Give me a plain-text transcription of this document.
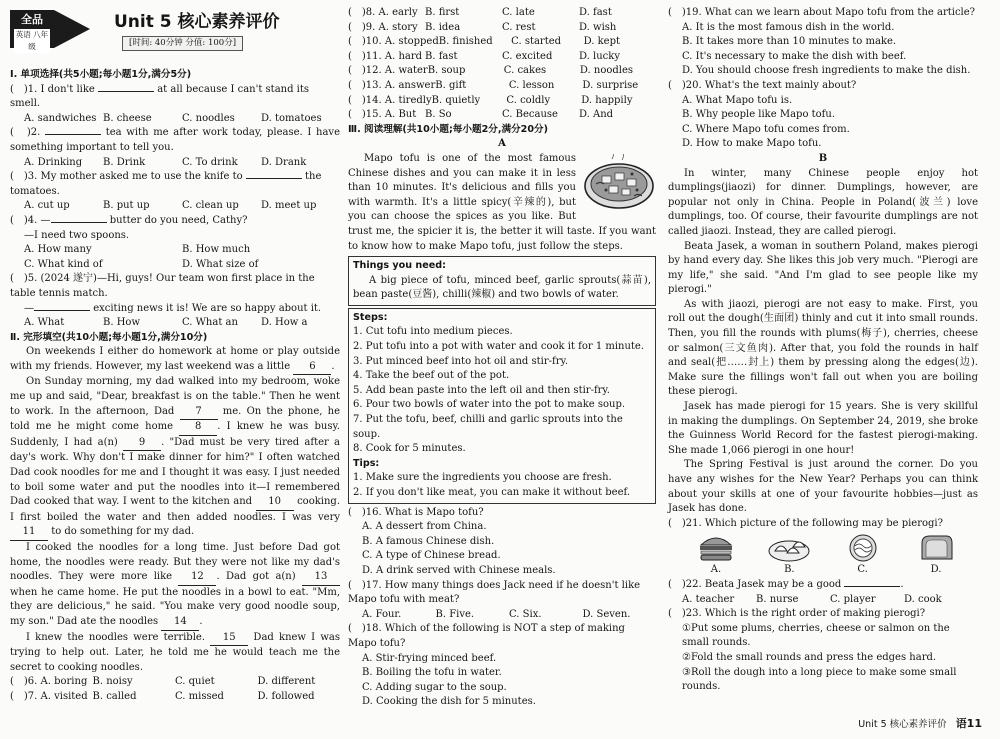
全品
英语 八年级
Unit 5 核心素养评价
[时间: 40分钟 分值: 100分]
Ⅰ. 单项选择(共5小题;每小题1分,满分5分)
(　)1. I don't like	at all because I can't stand its smell.
A. sandwiches B. cheese	C. noodles	D. tomatoes
(　)2.	tea with me after work today, please. I have something important to tell you.
A. Drinking	B. Drink	C. To drink	D. Drank
(　)3. My mother asked me to use the knife to	the tomatoes.
A. cut up	B. put up	C. clean up	D. meet up
(　)4. —	butter do you need, Cathy?
—I need two spoons.
A. How many	B. How much
C. What kind of	D. What size of
(　)5. (2024 遂宁)—Hi, guys! Our team won first place in the table tennis match.
—	exciting news it is! We are so happy about it.
A. What	B. How	C. What an	D. How a
Ⅱ. 完形填空(共10小题;每小题1分,满分10分)
On weekends I either do homework at home or play outside with my friends. However, my last weekend was a little 6 .
On Sunday morning, my dad walked into my bedroom, woke me up and said, "Dear, breakfast is on the table." Then he went to work. In the afternoon, Dad 7 me. On the phone, he told me he might come home 8 . I knew he was busy. Suddenly, I had a(n) 9 . "Dad must be very tired after a day's work. Why don't I make dinner for him?" I often watched Dad cook noodles for me and I thought it was easy. I just needed to boil some water and put the noodles into it—I remembered Dad cooked that way. I went to the kitchen and 10 cooking. I first boiled the water and then added noodles. I was very 11 to do something for my dad.
I cooked the noodles for a long time. Just before Dad got home, the noodles were ready. But they were not like my dad's noodles. They were more like 12 . Dad got a(n) 13 when he came home. He put the noodles in a bowl to eat. "Mm, they are delicious," he said. "You make very good noodle soup, my son." Dad ate the noodles 14 .
I knew the noodles were terrible. 15 Dad knew I was trying to help out. Later, he told me he would teach me the secret to cooking noodles.
(　)6. A. boring B. noisy	C. quiet	D. different
(　)7. A. visited B. called	C. missed	D. followed
(　)8. A. early B. first	C. late	D. fast
(　)9. A. story B. idea	C. rest	D. wish
(　)10. A. stopped B. finished	C. started	D. kept
(　)11. A. hard B. fast	C. excited	D. lucky
(　)12. A. water B. soup	C. cakes	D. noodles
(　)13. A. answer B. gift	C. lesson	D. surprise
(　)14. A. tiredly B. quietly	C. coldly	D. happily
(　)15. A. But B. So	C. Because	D. And
Ⅲ. 阅读理解(共10小题;每小题2分,满分20分)
A
Mapo tofu is one of the most famous Chinese dishes and you can make it in less than 10 minutes. It's delicious and fills you with warmth. It's a little spicy(辛辣的), but you can choose the spices as you like. But trust me, the spicier it is, the better it will taste. If you want to know how to make Mapo tofu, just follow the steps.
Things you need:
A big piece of tofu, minced beef, garlic sprouts(蒜苗), bean paste(豆酱), chilli(辣椒) and two bowls of water.
Steps:
1. Cut tofu into medium pieces.
2. Put tofu into a pot with water and cook it for 1 minute.
3. Put minced beef into hot oil and stir-fry.
4. Take the beef out of the pot.
5. Add bean paste into the left oil and then stir-fry.
6. Pour two bowls of water into the pot to make soup.
7. Put the tofu, beef, chilli and garlic sprouts into the soup.
8. Cook for 5 minutes.
Tips:
1. Make sure the ingredients you choose are fresh.
2. If you don't like meat, you can make it without beef.
(　)16. What is Mapo tofu?
A. A dessert from China.
B. A famous Chinese dish.
C. A type of Chinese bread.
D. A drink served with Chinese meals.
(　)17. How many things does Jack need if he doesn't like Mapo tofu with meat?
A. Four.	B. Five.	C. Six.	D. Seven.
(　)18. Which of the following is NOT a step of making Mapo tofu?
A. Stir-frying minced beef.
B. Boiling the tofu in water.
C. Adding sugar to the soup.
D. Cooking the dish for 5 minutes.
(　)19. What can we learn about Mapo tofu from the article?
A. It is the most famous dish in the world.
B. It takes more than 10 minutes to make.
C. It's necessary to make the dish with beef.
D. You should choose fresh ingredients to make the dish.
(　)20. What's the text mainly about?
A. What Mapo tofu is.
B. Why people like Mapo tofu.
C. Where Mapo tofu comes from.
D. How to make Mapo tofu.
B
In winter, many Chinese people enjoy hot dumplings(jiaozi) for dinner. Dumplings, however, are popular not only in China. People in Poland(波兰) love dumplings, too. Of course, their favourite dumplings are not called jiaozi. Instead, they are called pierogi.
Beata Jasek, a woman in southern Poland, makes pierogi by hand every day. She likes this job very much. "Pierogi are my life," she said. "And I'm glad to see people like my pierogi."
As with jiaozi, pierogi are not easy to make. First, you roll out the dough(生面团) thinly and cut it into small rounds. Then, you fill the rounds with plums(梅子), cherries, cheese or salmon(三文鱼肉). After that, you fold the rounds in half and seal(把……封上) them by pressing along the edges(边). Make sure the fillings won't fall out when you are boiling these pierogi.
Jasek has made pierogi for 15 years. She is very skillful in making the dumplings. On September 24, 2019, she broke the Guinness World Record for the fastest pierogi-making. She made 1,066 pierogi in one hour!
The Spring Festival is just around the corner. Do you have any wishes for the New Year? Perhaps you can think about your skills at one of your favourite hobbies—just as Jasek has done.
(　)21. Which picture of the following may be pierogi?
A.	B.	C.	D.
(　)22. Beata Jasek may be a good	.
A. teacher	B. nurse	C. player	D. cook
(　)23. Which is the right order of making pierogi?
①Put some plums, cherries, cheese or salmon on the small rounds.
②Fold the small rounds and press the edges hard.
③Roll the dough into a long piece to make some small rounds.
Unit 5 核心素养评价 语11
